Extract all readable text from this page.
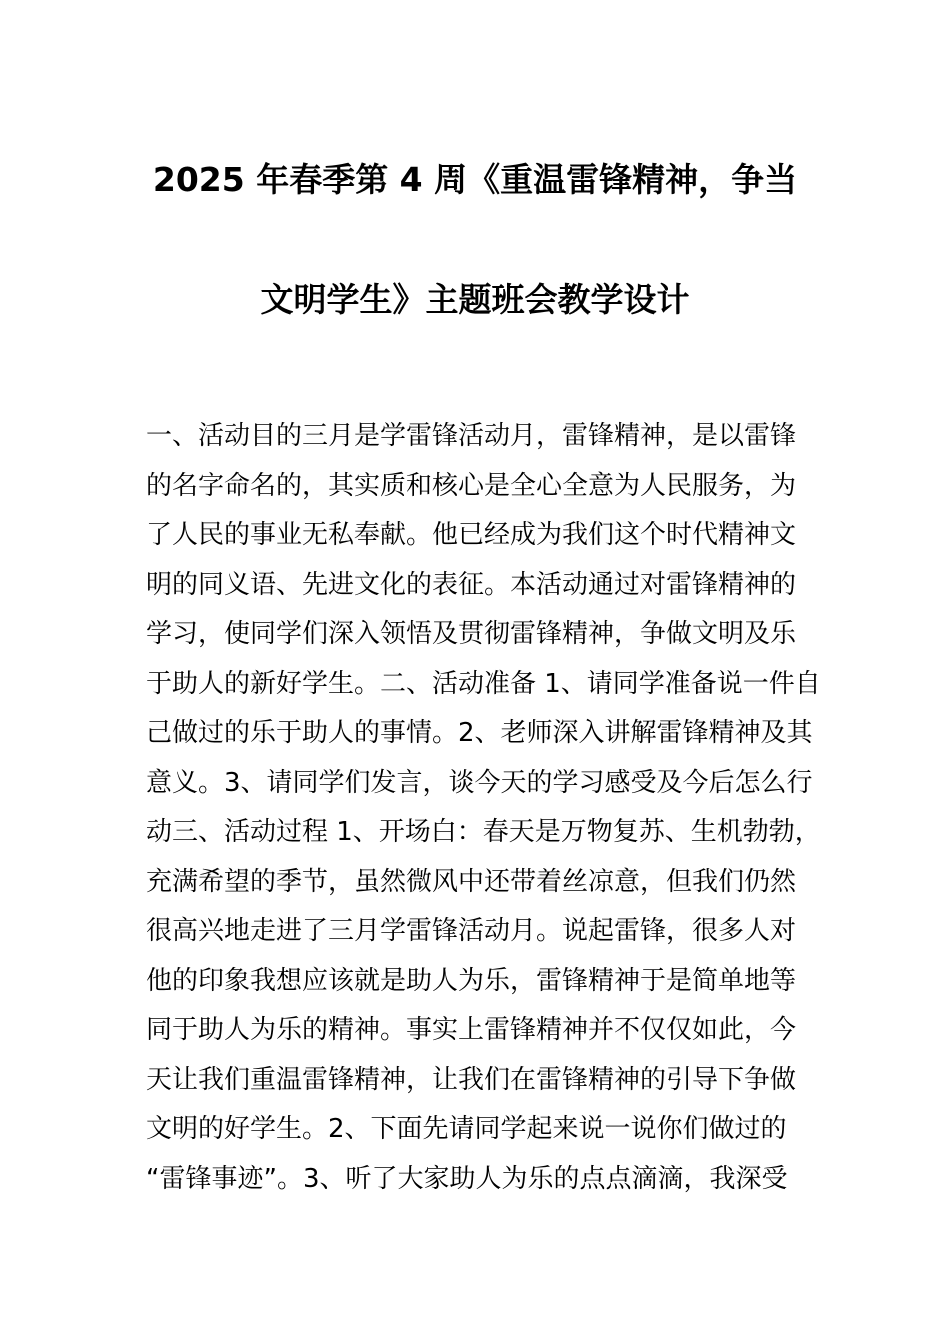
2025 年春季第 4 周《重温雷锋精神，争当
文明学生》主题班会教学设计
一、活动目的三月是学雷锋活动月，雷锋精神，是以雷锋
的名字命名的，其实质和核心是全心全意为人民服务，为
了人民的事业无私奉献。他已经成为我们这个时代精神文
明的同义语、先进文化的表征。本活动通过对雷锋精神的
学习，使同学们深入领悟及贯彻雷锋精神，争做文明及乐
于助人的新好学生。二、活动准备 1、请同学准备说一件自
己做过的乐于助人的事情。2、老师深入讲解雷锋精神及其
意义。3、请同学们发言，谈今天的学习感受及今后怎么行
动三、活动过程 1、开场白：春天是万物复苏、生机勃勃，
充满希望的季节，虽然微风中还带着丝凉意，但我们仍然
很高兴地走进了三月学雷锋活动月。说起雷锋，很多人对
他的印象我想应该就是助人为乐，雷锋精神于是简单地等
同于助人为乐的精神。事实上雷锋精神并不仅仅如此，今
天让我们重温雷锋精神，让我们在雷锋精神的引导下争做
文明的好学生。2、下面先请同学起来说一说你们做过的
“雷锋事迹”。3、听了大家助人为乐的点点滴滴，我深受
